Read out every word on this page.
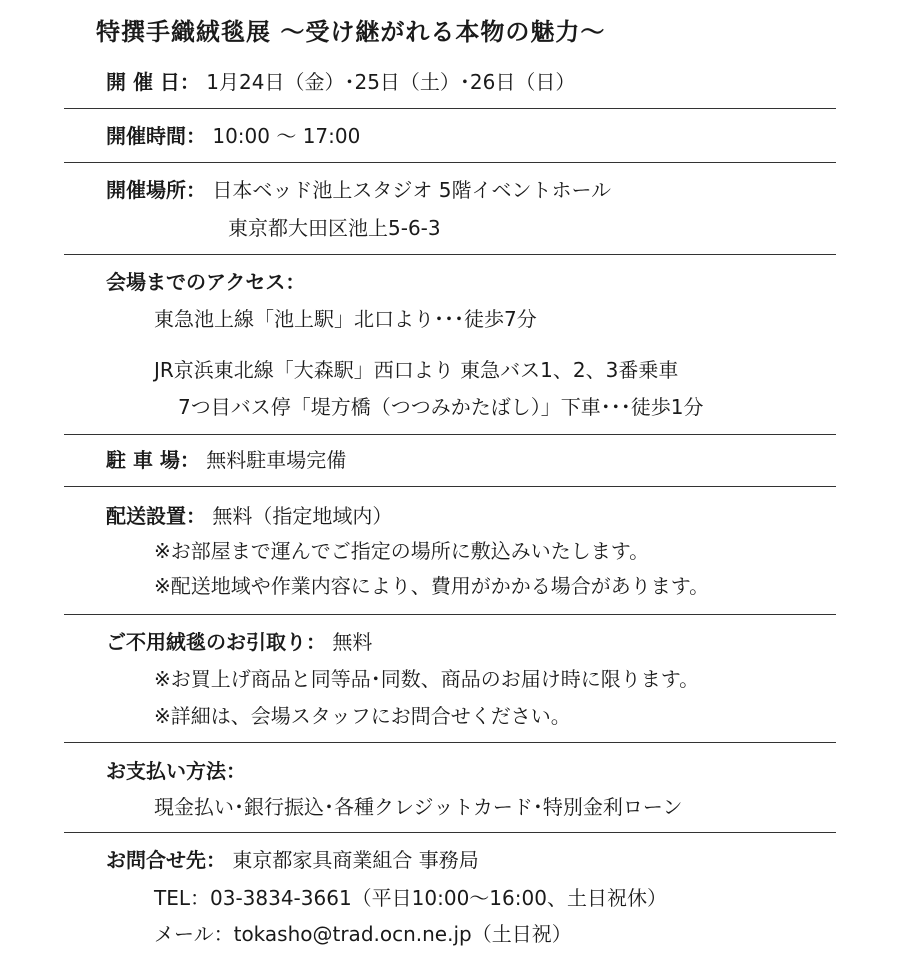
特撰手織絨毯展 〜受け継がれる本物の魅力〜
開 催 日： 1月24日（金）･25日（土）･26日（日）
開催時間： 10:00 〜 17:00
開催場所： 日本ベッド池上スタジオ 5階イベントホール
東京都大田区池上5-6-3
会場までのアクセス：
東急池上線「池上駅」北口より･･･徒歩7分
JR京浜東北線「大森駅」西口より 東急バス1、2、3番乗車
7つ目バス停「堤方橋（つつみかたばし）」下車･･･徒歩1分
駐 車 場： 無料駐車場完備
配送設置： 無料（指定地域内）
※お部屋まで運んでご指定の場所に敷込みいたします。
※配送地域や作業内容により、費用がかかる場合があります。
ご不用絨毯のお引取り： 無料
※お買上げ商品と同等品･同数、商品のお届け時に限ります。
※詳細は、会場スタッフにお問合せください。
お支払い方法：
現金払い･銀行振込･各種クレジットカード･特別金利ローン
お問合せ先： 東京都家具商業組合 事務局
TEL：03-3834-3661（平日10:00〜16:00、土日祝休）
メール：tokasho@trad.ocn.ne.jp（土日祝）
